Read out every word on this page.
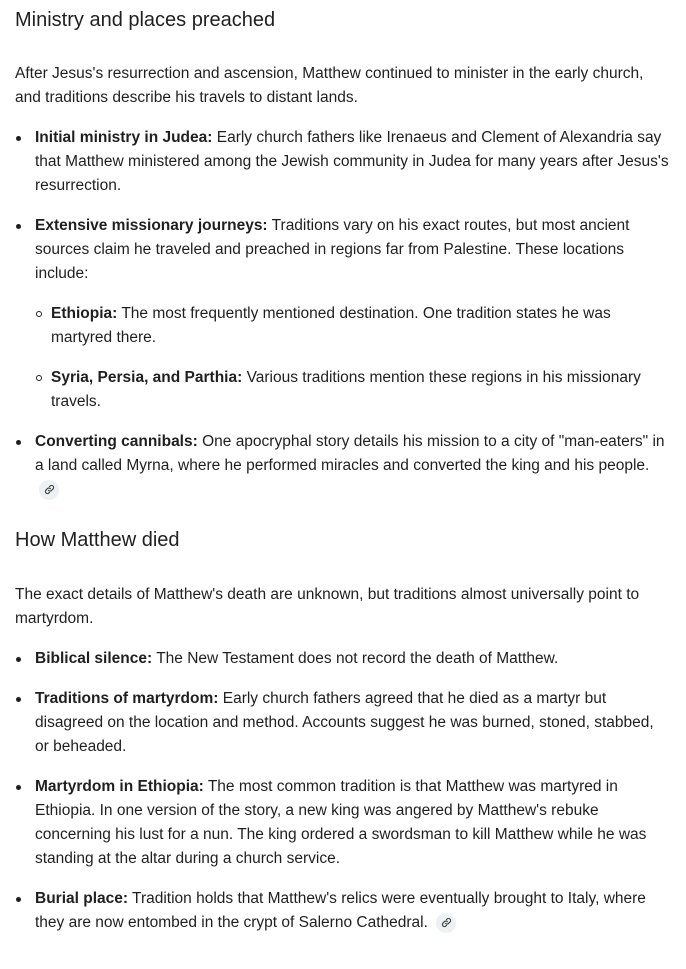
Ministry and places preached

After Jesus's resurrection and ascension, Matthew continued to minister in the early church, and traditions describe his travels to distant lands.

Initial ministry in Judea: Early church fathers like Irenaeus and Clement of Alexandria say that Matthew ministered among the Jewish community in Judea for many years after Jesus's resurrection.
Extensive missionary journeys: Traditions vary on his exact routes, but most ancient sources claim he traveled and preached in regions far from Palestine. These locations include:
Ethiopia: The most frequently mentioned destination. One tradition states he was martyred there.
Syria, Persia, and Parthia: Various traditions mention these regions in his missionary travels.
Converting cannibals: One apocryphal story details his mission to a city of "man-eaters" in a land called Myrna, where he performed miracles and converted the king and his people.
How Matthew died

The exact details of Matthew's death are unknown, but traditions almost universally point to martyrdom.

Biblical silence: The New Testament does not record the death of Matthew.
Traditions of martyrdom: Early church fathers agreed that he died as a martyr but disagreed on the location and method. Accounts suggest he was burned, stoned, stabbed, or beheaded.
Martyrdom in Ethiopia: The most common tradition is that Matthew was martyred in Ethiopia. In one version of the story, a new king was angered by Matthew's rebuke concerning his lust for a nun. The king ordered a swordsman to kill Matthew while he was standing at the altar during a church service.
Burial place: Tradition holds that Matthew's relics were eventually brought to Italy, where they are now entombed in the crypt of Salerno Cathedral.
